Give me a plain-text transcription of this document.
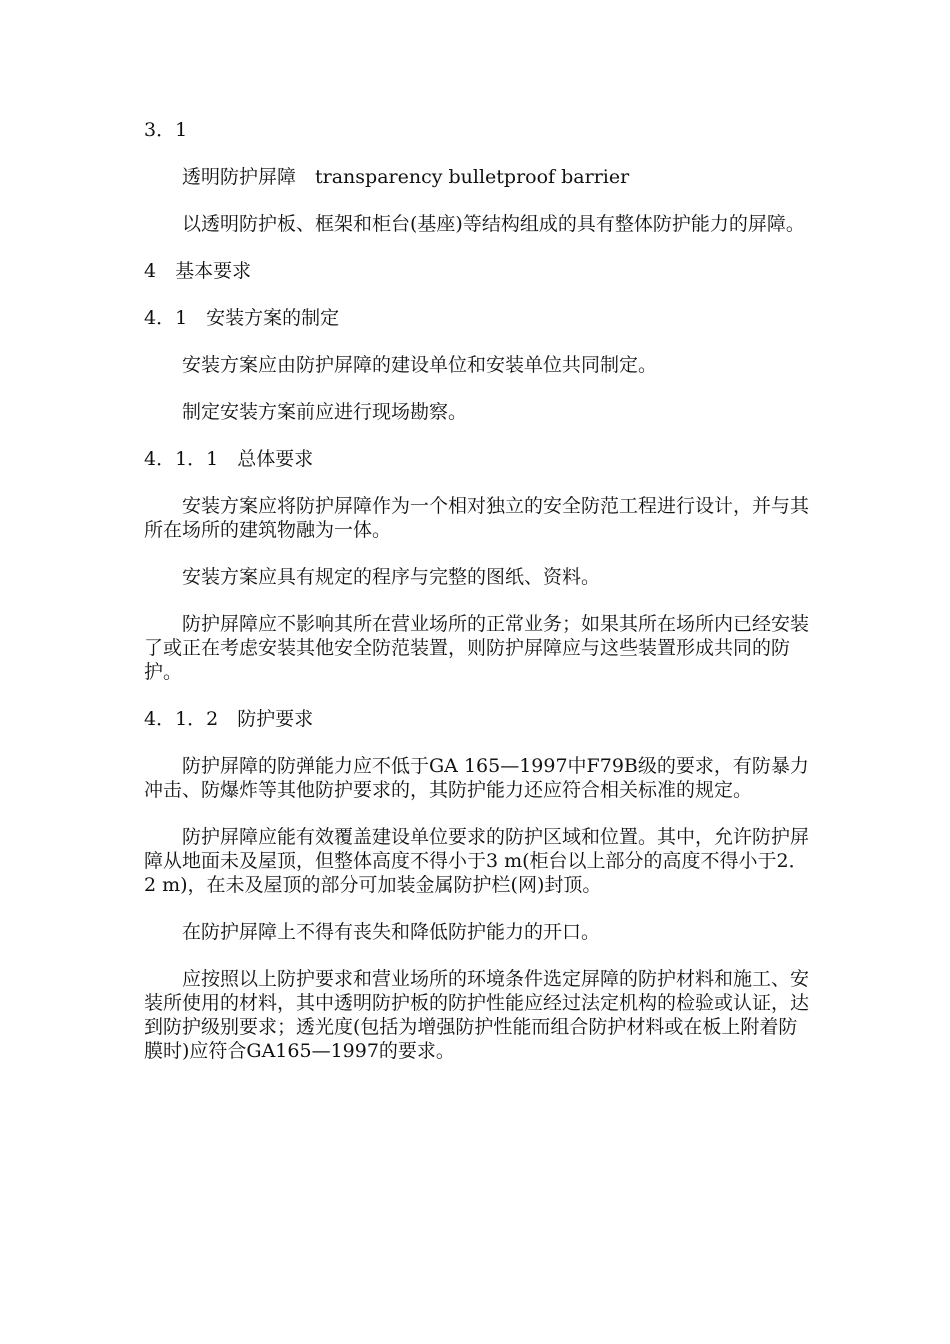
3．1

透明防护屏障　transparency bulletproof barrier

以透明防护板、框架和柜台(基座)等结构组成的具有整体防护能力的屏障。

4　基本要求

4．1　安装方案的制定

安装方案应由防护屏障的建设单位和安装单位共同制定。

制定安装方案前应进行现场勘察。

4．1．1　总体要求

安装方案应将防护屏障作为一个相对独立的安全防范工程进行设计，并与其所在场所的建筑物融为一体。

安装方案应具有规定的程序与完整的图纸、资料。

防护屏障应不影响其所在营业场所的正常业务；如果其所在场所内已经安装了或正在考虑安装其他安全防范装置，则防护屏障应与这些装置形成共同的防护。

4．1．2　防护要求

防护屏障的防弹能力应不低于GA 165—1997中F79B级的要求，有防暴力冲击、防爆炸等其他防护要求的，其防护能力还应符合相关标准的规定。

防护屏障应能有效覆盖建设单位要求的防护区域和位置。其中，允许防护屏障从地面未及屋顶，但整体高度不得小于3 m(柜台以上部分的高度不得小于2．2 m)，在未及屋顶的部分可加装金属防护栏(网)封顶。

在防护屏障上不得有丧失和降低防护能力的开口。

应按照以上防护要求和营业场所的环境条件选定屏障的防护材料和施工、安装所使用的材料，其中透明防护板的防护性能应经过法定机构的检验或认证，达到防护级别要求；透光度(包括为增强防护性能而组合防护材料或在板上附着防膜时)应符合GA165—1997的要求。
